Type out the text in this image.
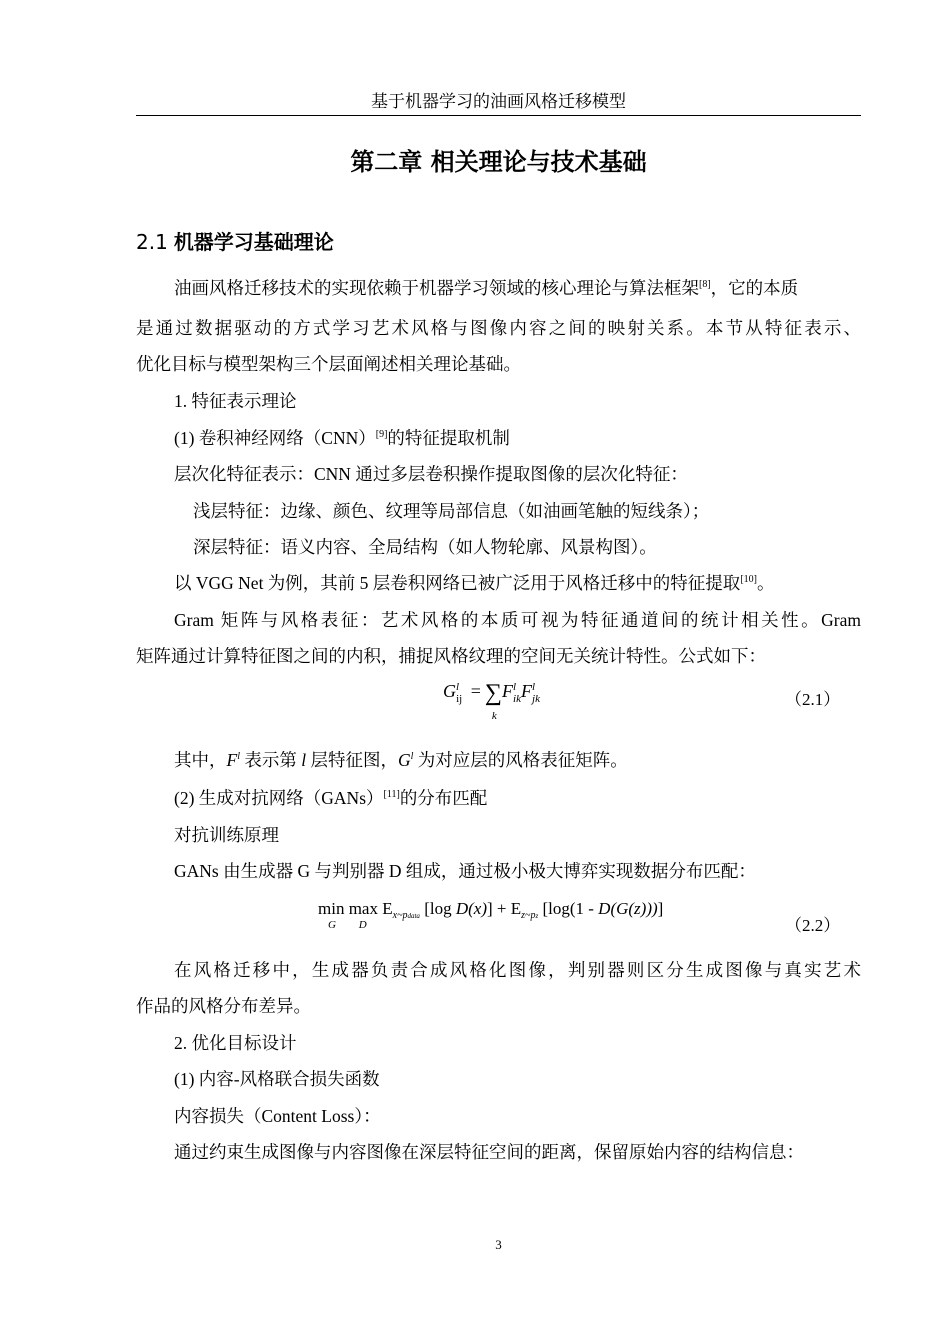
基于机器学习的油画风格迁移模型
第二章 相关理论与技术基础
2.1 机器学习基础理论
油画风格迁移技术的实现依赖于机器学习领域的核心理论与算法框架[8]，它的本质
是通过数据驱动的方式学习艺术风格与图像内容之间的映射关系。本节从特征表示、
优化目标与模型架构三个层面阐述相关理论基础。
1. 特征表示理论
(1) 卷积神经网络（CNN）[9]的特征提取机制
层次化特征表示：CNN 通过多层卷积操作提取图像的层次化特征：
浅层特征：边缘、颜色、纹理等局部信息（如油画笔触的短线条）；
深层特征：语义内容、全局结构（如人物轮廓、风景构图）。
以 VGG Net 为例，其前 5 层卷积网络已被广泛用于风格迁移中的特征提取[10]。
Gram 矩阵与风格表征：艺术风格的本质可视为特征通道间的统计相关性。Gram
矩阵通过计算特征图之间的内积，捕捉风格纹理的空间无关统计特性。公式如下：
$G^l_{ij}$ = ∑
k
$F^l_{ik}F^l_{jk}$	（2.1）
其中，$F^l$ 表示第 l 层特征图，$G^l$ 为对应层的风格表征矩阵。
(2) 生成对抗网络（GANs）[11]的分布匹配
对抗训练原理
GANs 由生成器 G 与判别器 D 组成，通过极小极大博弈实现数据分布匹配：
min
G
max
D
$E_{x\sim pdata}$ [log $D(x)] + E_{z\sim pz}$ [log(1 - D(G(z)))]
（2.2）
在风格迁移中，生成器负责合成风格化图像，判别器则区分生成图像与真实艺术
作品的风格分布差异。
2. 优化目标设计
(1) 内容-风格联合损失函数
内容损失（Content Loss）：
通过约束生成图像与内容图像在深层特征空间的距离，保留原始内容的结构信息：
3
